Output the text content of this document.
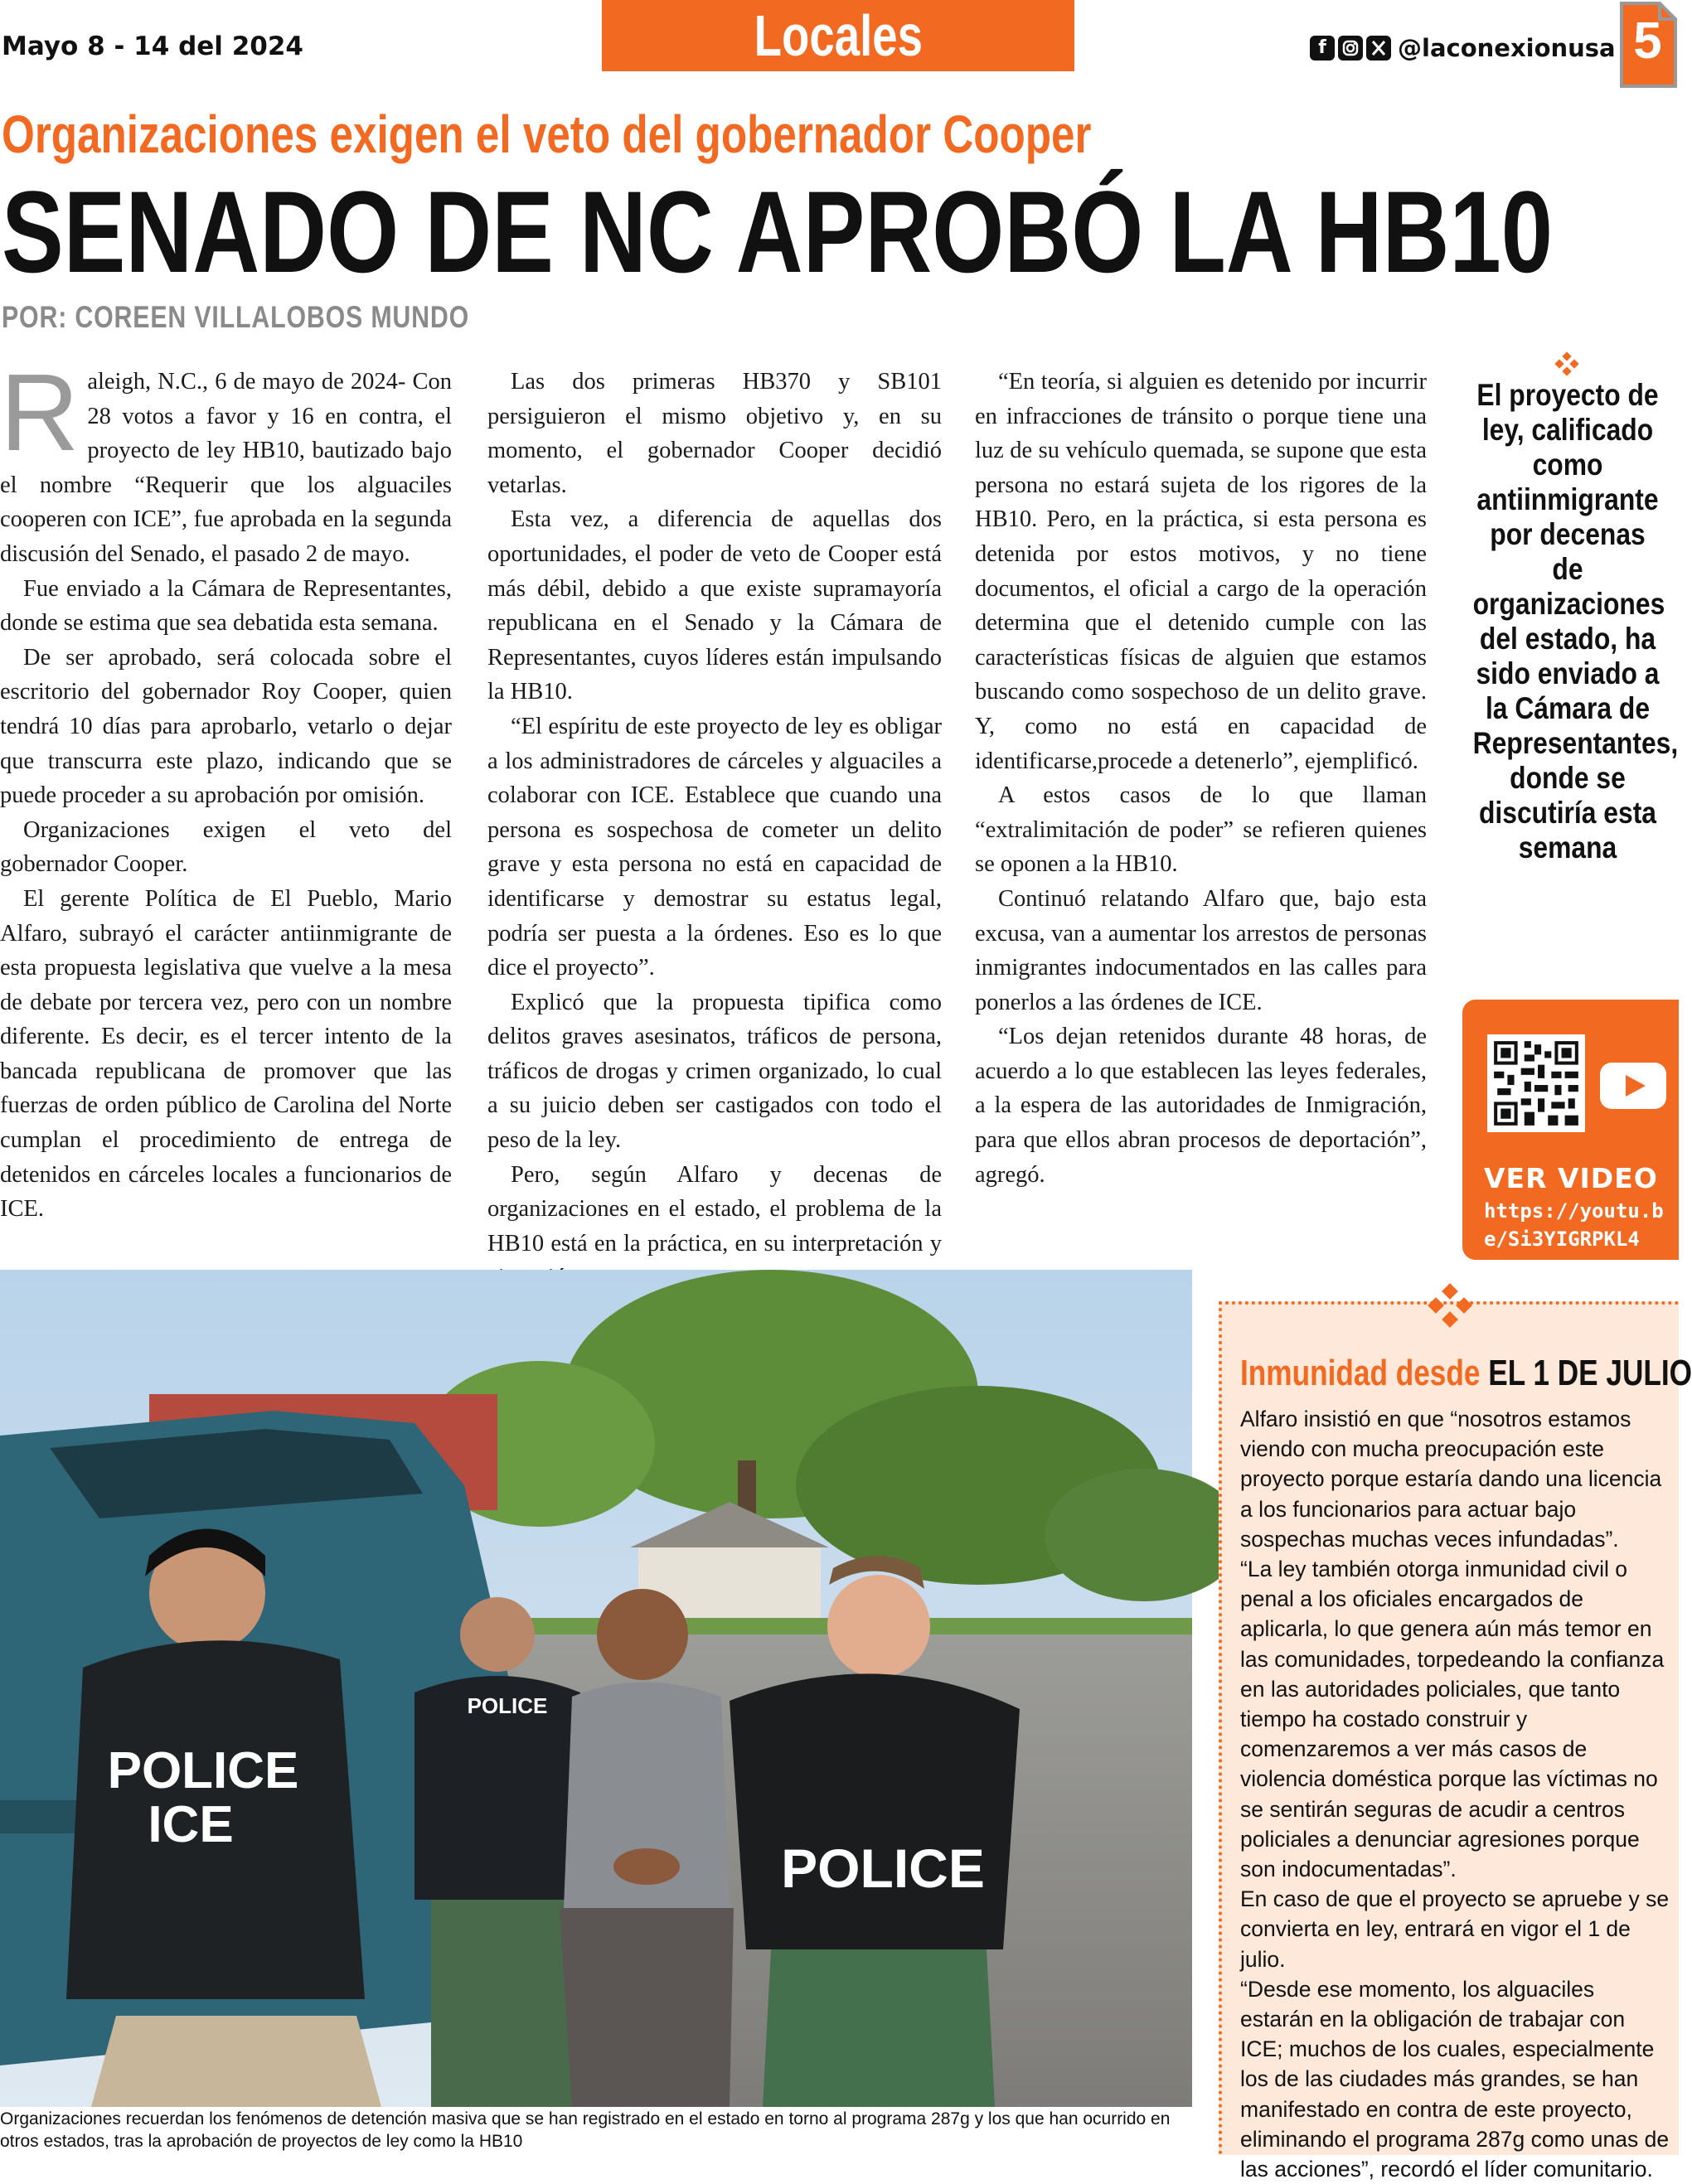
Mayo 8 - 14 del 2024	Locales	f	@laconexionusa 5
Organizaciones exigen el veto del gobernador Cooper
SENADO DE NC APROBÓ LA HB10
POR: COREEN VILLALOBOS MUNDO

Raleigh, N.C., 6 de mayo de 2024- Con 28 votos a favor y 16 en contra, el proyecto de ley HB10, bautizado bajo el nombre “Requerir que los alguaciles cooperen con ICE”, fue aprobada en la segunda discusión del Senado, el pasado 2 de mayo.

Fue enviado a la Cámara de Representantes, donde se estima que sea debatida esta semana.

De ser aprobado, será colocada sobre el escritorio del gobernador Roy Cooper, quien tendrá 10 días para aprobarlo, vetarlo o dejar que transcurra este plazo, indicando que se puede proceder a su aprobación por omisión.

Organizaciones exigen el veto del gobernador Cooper.

El gerente Política de El Pueblo, Mario Alfaro, subrayó el carácter antiinmigrante de esta propuesta legislativa que vuelve a la mesa de debate por tercera vez, pero con un nombre diferente. Es decir, es el tercer intento de la bancada republicana de promover que las fuerzas de orden público de Carolina del Norte cumplan el procedimiento de entrega de detenidos en cárceles locales a funcionarios de ICE.

Las dos primeras HB370 y SB101 persiguieron el mismo objetivo y, en su momento, el gobernador Cooper decidió vetarlas.

Esta vez, a diferencia de aquellas dos oportunidades, el poder de veto de Cooper está más débil, debido a que existe supramayoría republicana en el Senado y la Cámara de Representantes, cuyos líderes están impulsando la HB10.

“El espíritu de este proyecto de ley es obligar a los administradores de cárceles y alguaciles a colaborar con ICE. Establece que cuando una persona es sospechosa de cometer un delito grave y esta persona no está en capacidad de identificarse y demostrar su estatus legal, podría ser puesta a la órdenes. Eso es lo que dice el proyecto”.

Explicó que la propuesta tipifica como delitos graves asesinatos, tráficos de persona, tráficos de drogas y crimen organizado, lo cual a su juicio deben ser castigados con todo el peso de la ley.

Pero, según Alfaro y decenas de organizaciones en el estado, el problema de la HB10 está en la práctica, en su interpretación y

“En teoría, si alguien es detenido por incurrir en infracciones de tránsito o porque tiene una luz de su vehículo quemada, se supone que esta persona no estará sujeta de los rigores de la HB10. Pero, en la práctica, si esta persona es detenida por estos motivos, y no tiene documentos, el oficial a cargo de la operación determina que el detenido cumple con las características físicas de alguien que estamos buscando como sospechoso de un delito grave. Y, como no está en capacidad de identificarse,procede a detenerlo”, ejemplificó.

A estos casos de lo que llaman “extralimitación de poder” se refieren quienes se oponen a la HB10.

Continuó relatando Alfaro que, bajo esta excusa, van a aumentar los arrestos de personas inmigrantes indocumentados en las calles para ponerlos a las órdenes de ICE.

“Los dejan retenidos durante 48 horas, de acuerdo a lo que establecen las leyes federales, a la espera de las autoridades de Inmigración, para que ellos abran procesos de deportación”, agregó.

El proyecto de ley, calificado como antiinmigrante por decenas de organizaciones del estado, ha sido enviado a la Cámara de Representantes, donde se discutiría esta semana
VER VIDEO
https://youtu.be/Si3YIGRPKL4
POLICE
ICE
POLICE
POLICE
Organizaciones recuerdan los fenómenos de detención masiva que se han registrado en el estado en torno al programa 287g y los que han ocurrido en otros estados, tras la aprobación de proyectos de ley como la HB10
Inmunidad desde EL 1 DE JULIO

Alfaro insistió en que “nosotros estamos viendo con mucha preocupación este proyecto porque estaría dando una licencia a los funcionarios para actuar bajo sospechas muchas veces infundadas”.

“La ley también otorga inmunidad civil o penal a los oficiales encargados de aplicarla, lo que genera aún más temor en las comunidades, torpedeando la confianza en las autoridades policiales, que tanto tiempo ha costado construir y comenzaremos a ver más casos de violencia doméstica porque las víctimas no se sentirán seguras de acudir a centros policiales a denunciar agresiones porque son indocumentadas”.

En caso de que el proyecto se apruebe y se convierta en ley, entrará en vigor el 1 de julio.

“Desde ese momento, los alguaciles estarán en la obligación de trabajar con ICE; muchos de los cuales, especialmente los de las ciudades más grandes, se han manifestado en contra de este proyecto, eliminando el programa 287g como unas de las acciones”, recordó el líder comunitario.
